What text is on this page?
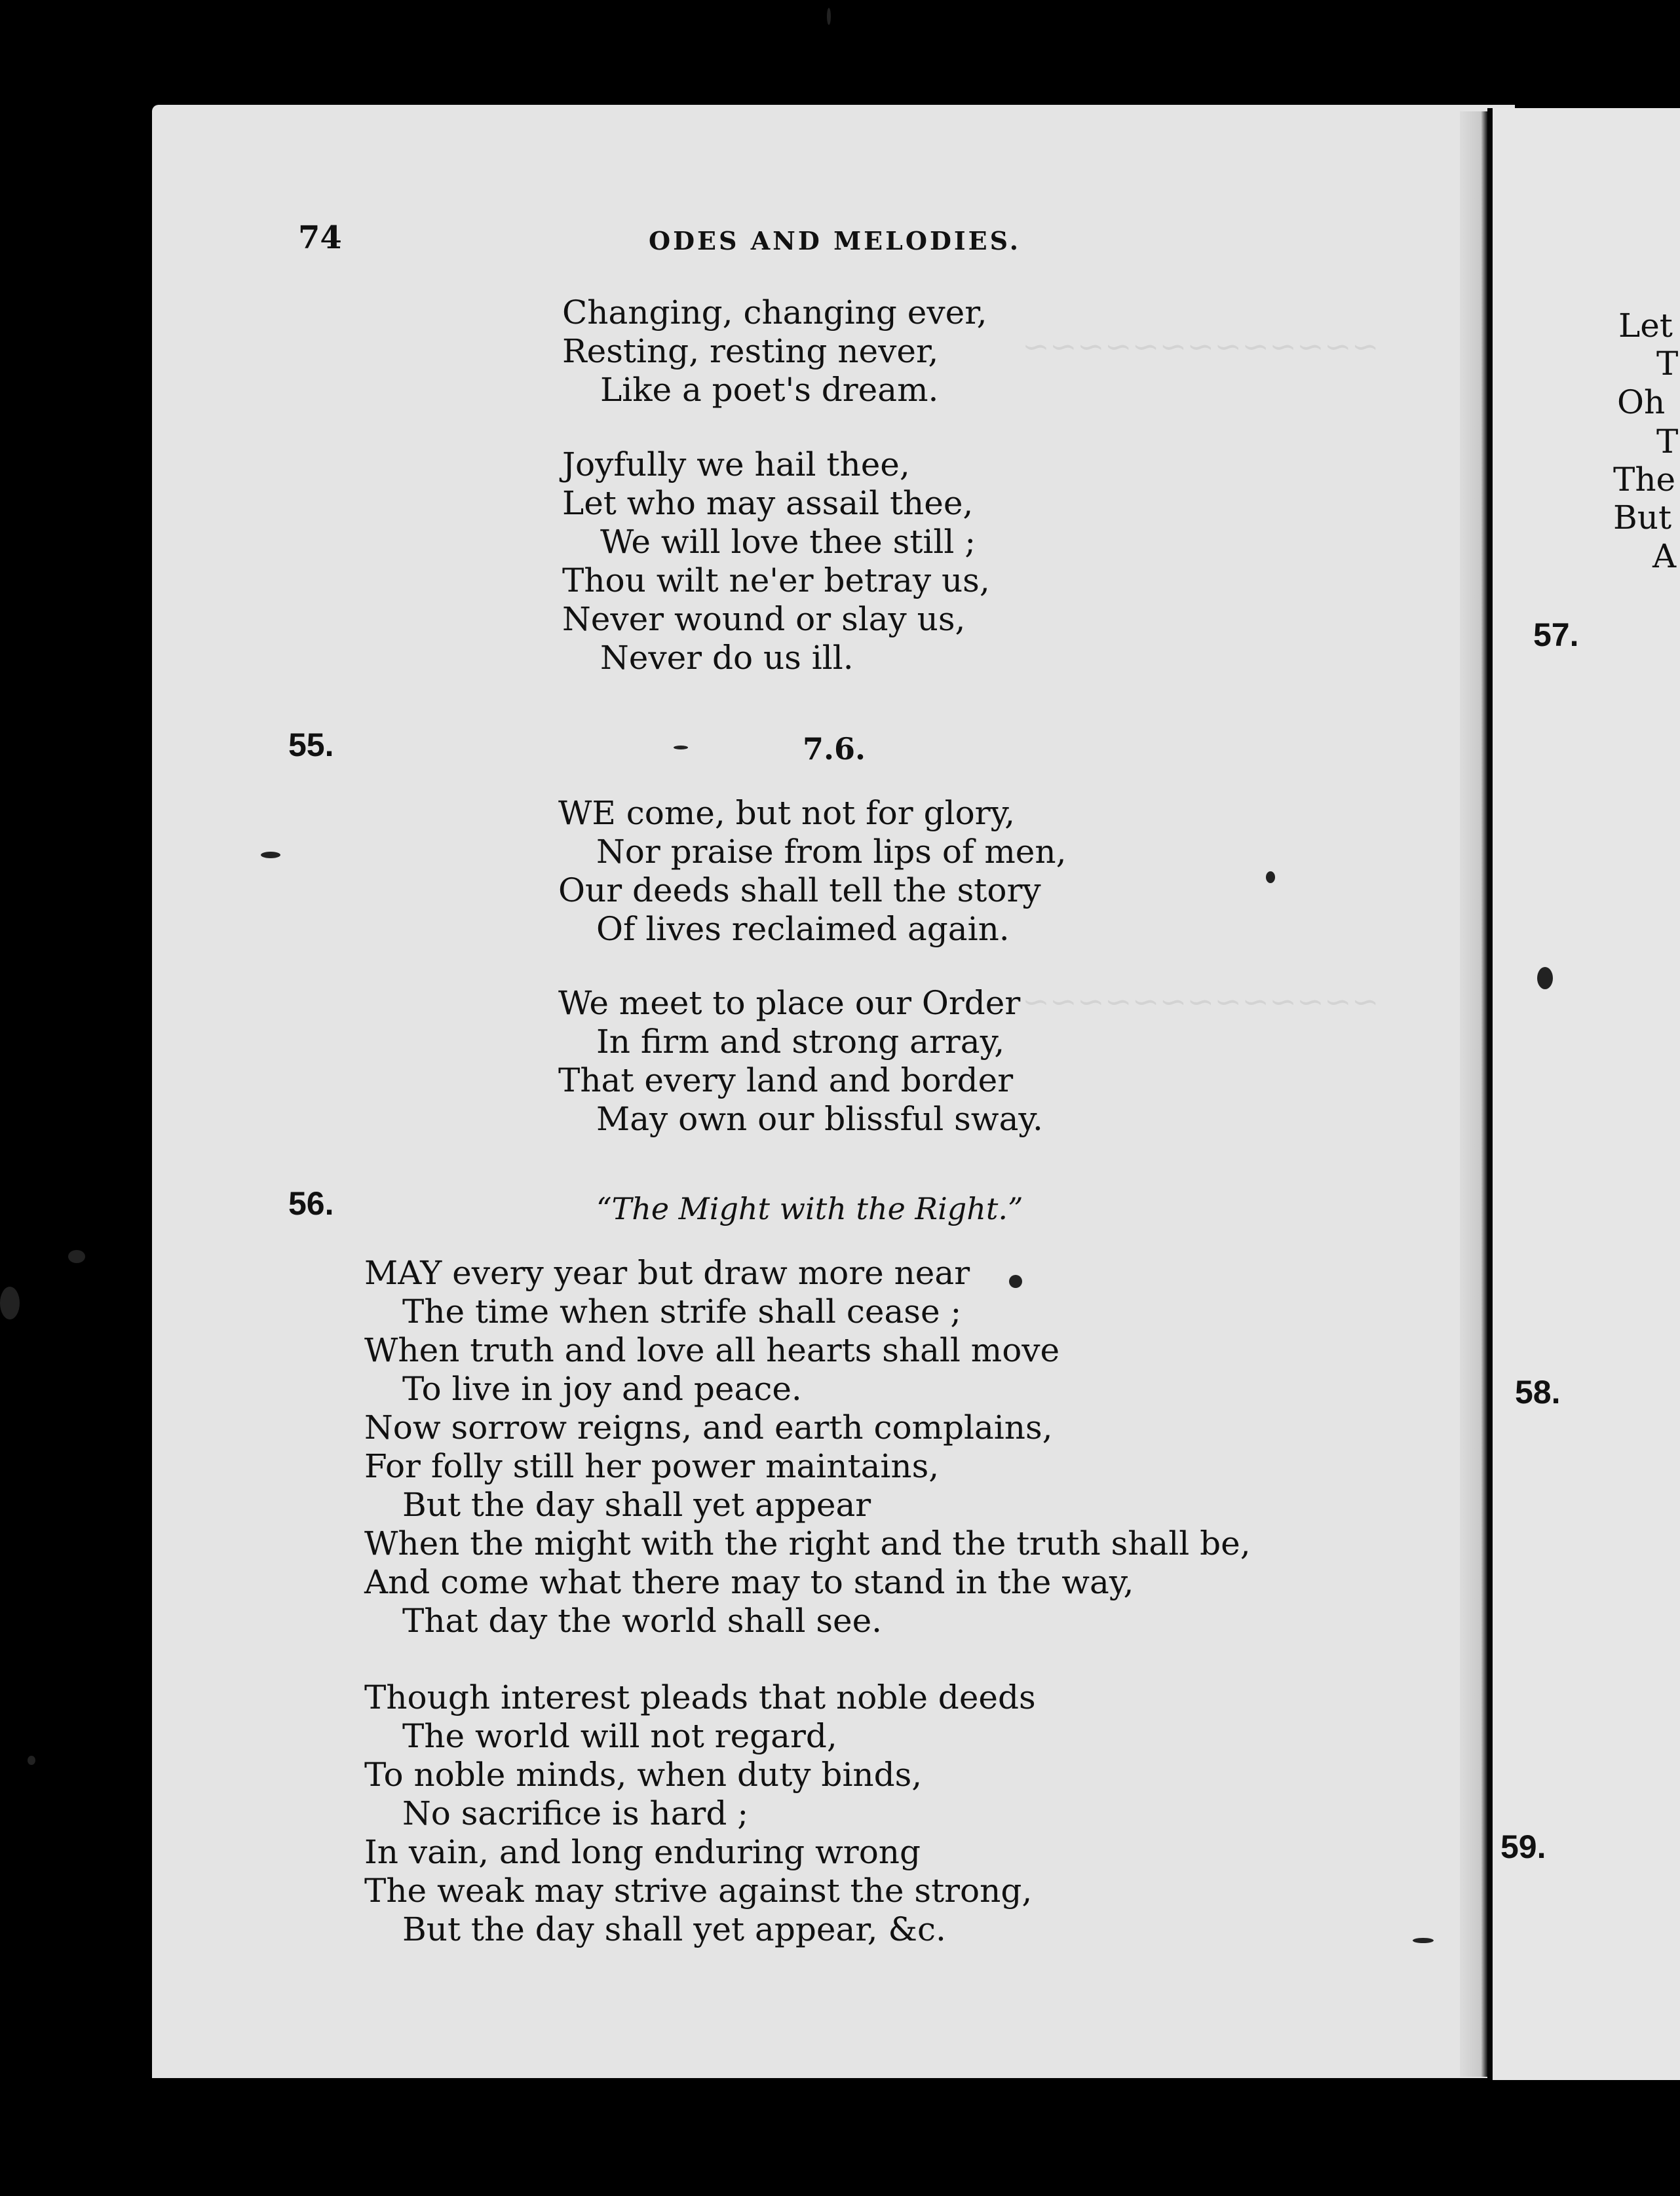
~~~~~~~~~~~~~
~~~~~~~~~~~~~
74	ODES AND MELODIES.
Changing, changing ever,
Resting, resting never,
Like a poet's dream.
Joyfully we hail thee,
Let who may assail thee,
We will love thee still ;
Thou wilt ne'er betray us,
Never wound or slay us,
Never do us ill.
55.	7.6.
WE come, but not for glory,
Nor praise from lips of men,
Our deeds shall tell the story
Of lives reclaimed again.
We meet to place our Order
In firm and strong array,
That every land and border
May own our blissful sway.
56.	“The Might with the Right.”
MAY every year but draw more near
The time when strife shall cease ;
When truth and love all hearts shall move
To live in joy and peace.
Now sorrow reigns, and earth complains,
For folly still her power maintains,
But the day shall yet appear
When the might with the right and the truth shall be,
And come what there may to stand in the way,
That day the world shall see.
Though interest pleads that noble deeds
The world will not regard,
To noble minds, when duty binds,
No sacrifice is hard ;
In vain, and long enduring wrong
The weak may strive against the strong,
But the day shall yet appear, &c.
Let
T
Oh
T
The
But
A
57.
58.
59.
